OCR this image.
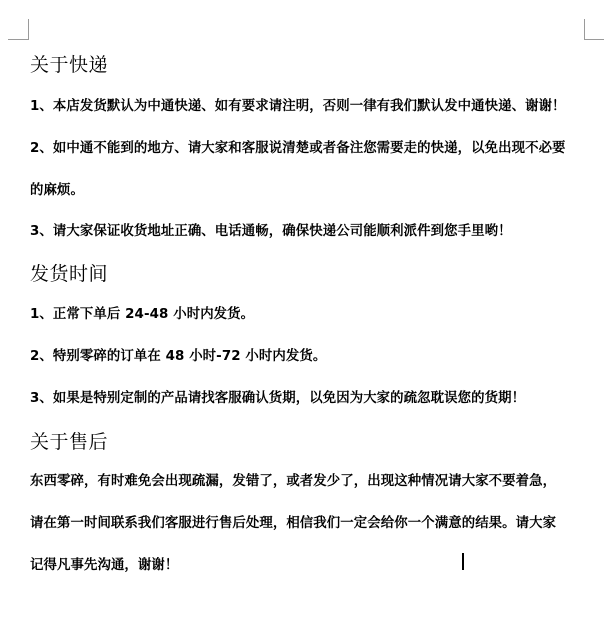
关于快递
1、本店发货默认为中通快递、如有要求请注明，否则一律有我们默认发中通快递、谢谢！
2、如中通不能到的地方、请大家和客服说清楚或者备注您需要走的快递，以免出现不必要
的麻烦。
3、请大家保证收货地址正确、电话通畅，确保快递公司能顺利派件到您手里哟！
发货时间
1、正常下单后 24-48 小时内发货。
2、特别零碎的订单在 48 小时-72 小时内发货。
3、如果是特别定制的产品请找客服确认货期，以免因为大家的疏忽耽误您的货期！
关于售后
东西零碎，有时难免会出现疏漏，发错了，或者发少了，出现这种情况请大家不要着急，
请在第一时间联系我们客服进行售后处理，相信我们一定会给你一个满意的结果。请大家
记得凡事先沟通，谢谢！
